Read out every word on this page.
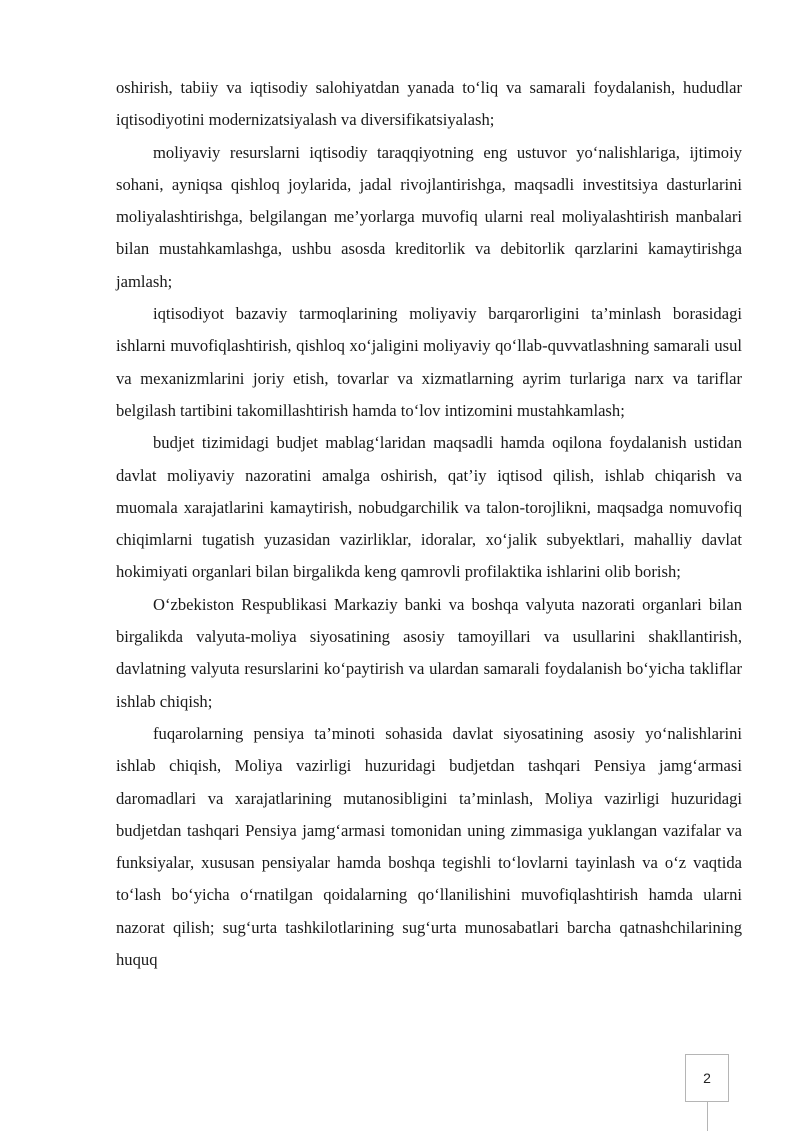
oshirish, tabiiy va iqtisodiy salohiyatdan yanada to‘liq va samarali foydalanish, hududlar iqtisodiyotini modernizatsiyalash va diversifikatsiyalash;

moliyaviy resurslarni iqtisodiy taraqqiyotning eng ustuvor yo‘nalishlariga, ijtimoiy sohani, ayniqsa qishloq joylarida, jadal rivojlantirishga, maqsadli investitsiya dasturlarini moliyalashtirishga, belgilangan me’yorlarga muvofiq ularni real moliyalashtirish manbalari bilan mustahkamlashga, ushbu asosda kreditorlik va debitorlik qarzlarini kamaytirishga jamlash;

iqtisodiyot bazaviy tarmoqlarining moliyaviy barqarorligini ta’minlash borasidagi ishlarni muvofiqlashtirish, qishloq xo‘jaligini moliyaviy qo‘llab-quvvatlashning samarali usul va mexanizmlarini joriy etish, tovarlar va xizmatlarning ayrim turlariga narx va tariflar belgilash tartibini takomillashtirish hamda to‘lov intizomini mustahkamlash;

budjet tizimidagi budjet mablag‘laridan maqsadli hamda oqilona foydalanish ustidan davlat moliyaviy nazoratini amalga oshirish, qat’iy iqtisod qilish, ishlab chiqarish va muomala xarajatlarini kamaytirish, nobudgarchilik va talon-torojlikni, maqsadga nomuvofiq chiqimlarni tugatish yuzasidan vazirliklar, idoralar, xo‘jalik subyektlari, mahalliy davlat hokimiyati organlari bilan birgalikda keng qamrovli profilaktika ishlarini olib borish;

O‘zbekiston Respublikasi Markaziy banki va boshqa valyuta nazorati organlari bilan birgalikda valyuta-moliya siyosatining asosiy tamoyillari va usullarini shakllantirish, davlatning valyuta resurslarini ko‘paytirish va ulardan samarali foydalanish bo‘yicha takliflar ishlab chiqish;

fuqarolarning pensiya ta’minoti sohasida davlat siyosatining asosiy yo‘nalishlarini ishlab chiqish, Moliya vazirligi huzuridagi budjetdan tashqari Pensiya jamg‘armasi daromadlari va xarajatlarining mutanosibligini ta’minlash, Moliya vazirligi huzuridagi budjetdan tashqari Pensiya jamg‘armasi tomonidan uning zimmasiga yuklangan vazifalar va funksiyalar, xususan pensiyalar hamda boshqa tegishli to‘lovlarni tayinlash va o‘z vaqtida to‘lash bo‘yicha o‘rnatilgan qoidalarning qo‘llanilishini muvofiqlashtirish hamda ularni nazorat qilish; sug‘urta tashkilotlarining sug‘urta munosabatlari barcha qatnashchilarining huquq

2
